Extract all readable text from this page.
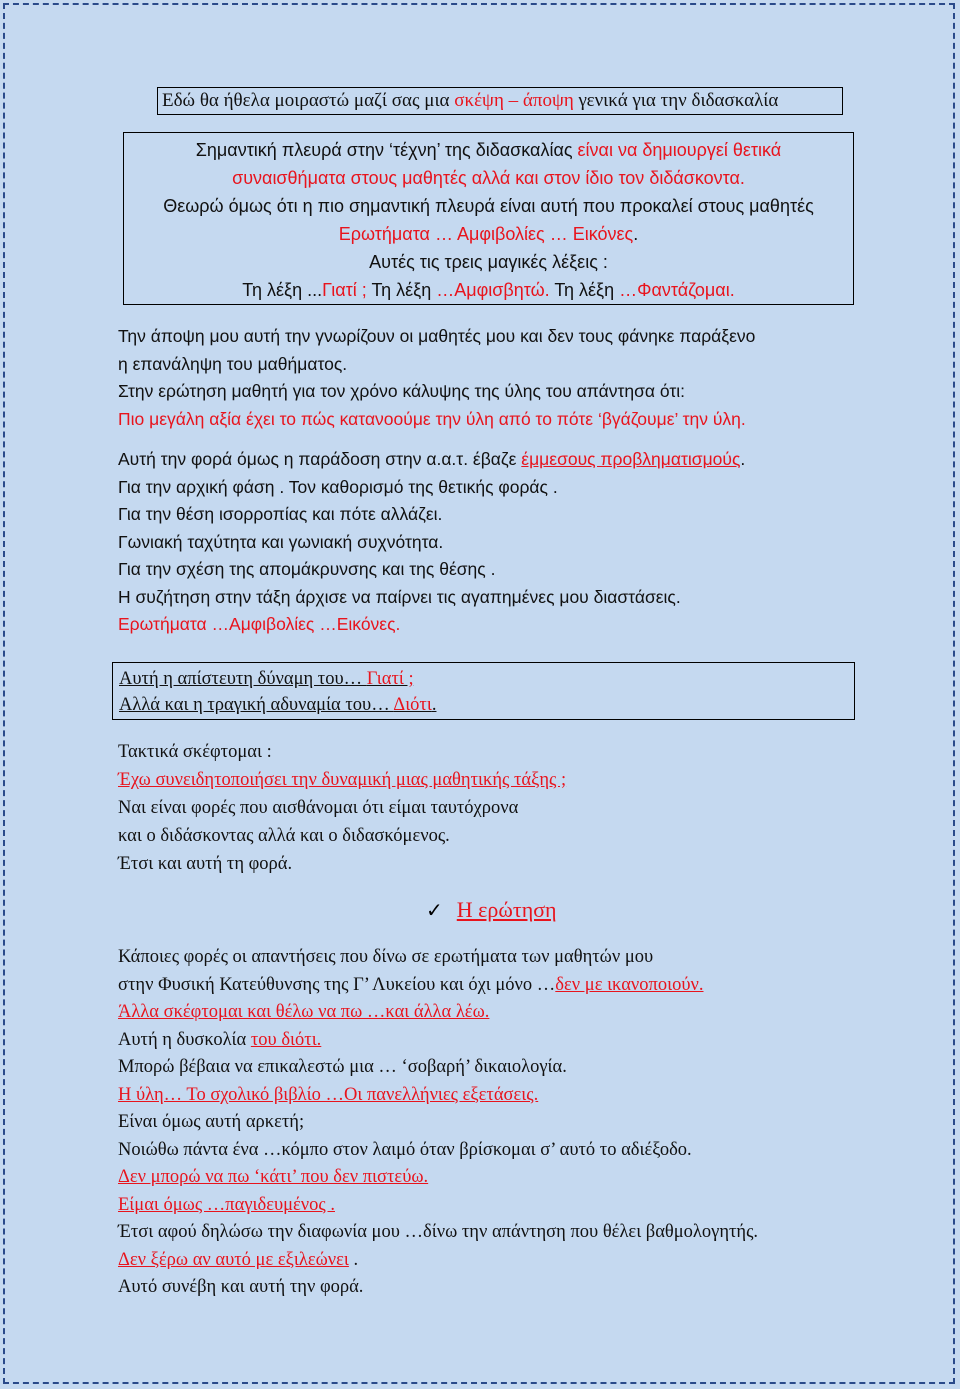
Εδώ θα ήθελα μοιραστώ μαζί σας μια σκέψη – άποψη γενικά για την διδασκαλία

Σημαντική πλευρά στην ‘τέχνη’ της διδασκαλίας είναι να δημιουργεί θετικά

συναισθήματα στους μαθητές αλλά και στον ίδιο τον διδάσκοντα.

Θεωρώ όμως ότι η πιο σημαντική πλευρά είναι αυτή που προκαλεί στους μαθητές

Ερωτήματα … Αμφιβολίες … Εικόνες.

Αυτές τις τρεις μαγικές λέξεις :

Τη λέξη ...Γιατί ; Τη λέξη …Αμφισβητώ. Τη λέξη …Φαντάζομαι.

Την άποψη μου αυτή την γνωρίζουν οι μαθητές μου και δεν τους φάνηκε παράξενο

η επανάληψη του μαθήματος.

Στην ερώτηση μαθητή για τον χρόνο κάλυψης της ύλης του απάντησα ότι:

Πιο μεγάλη αξία έχει το πώς κατανοούμε την ύλη από το πότε ‘βγάζουμε’ την ύλη.

Αυτή την φορά όμως η παράδοση στην α.α.τ. έβαζε έμμεσους προβληματισμούς.

Για την αρχική φάση . Τον καθορισμό της θετικής φοράς .

Για την θέση ισορροπίας και πότε αλλάζει.

Γωνιακή ταχύτητα και γωνιακή συχνότητα.

Για την σχέση της απομάκρυνσης και της θέσης .

Η συζήτηση στην τάξη άρχισε να παίρνει τις αγαπημένες μου διαστάσεις.

Ερωτήματα …Αμφιβολίες …Εικόνες.

Αυτή η απίστευτη δύναμη του… Γιατί ;

Αλλά και η τραγική αδυναμία του… Διότι.

Τακτικά σκέφτομαι :

Έχω συνειδητοποιήσει την δυναμική μιας μαθητικής τάξης ;

Ναι είναι φορές που αισθάνομαι ότι είμαι ταυτόχρονα

και ο διδάσκοντας αλλά και ο διδασκόμενος.

Έτσι και αυτή τη φορά.

✓ Η ερώτηση

Κάποιες φορές οι απαντήσεις που δίνω σε ερωτήματα των μαθητών μου

στην Φυσική Κατεύθυνσης της Γ’ Λυκείου και όχι μόνο …δεν με ικανοποιούν.

Άλλα σκέφτομαι και θέλω να πω …και άλλα λέω.

Αυτή η δυσκολία του διότι.

Μπορώ βέβαια να επικαλεστώ μια … ‘σοβαρή’ δικαιολογία.

Η ύλη… Το σχολικό βιβλίο …Οι πανελλήνιες εξετάσεις.

Είναι όμως αυτή αρκετή;

Νοιώθω πάντα ένα …κόμπο στον λαιμό όταν βρίσκομαι σ’ αυτό το αδιέξοδο.

Δεν μπορώ να πω ‘κάτι’ που δεν πιστεύω.

Είμαι όμως …παγιδευμένος .

Έτσι αφού δηλώσω την διαφωνία μου …δίνω την απάντηση που θέλει βαθμολογητής.

Δεν ξέρω αν αυτό με εξιλεώνει .

Αυτό συνέβη και αυτή την φορά.
